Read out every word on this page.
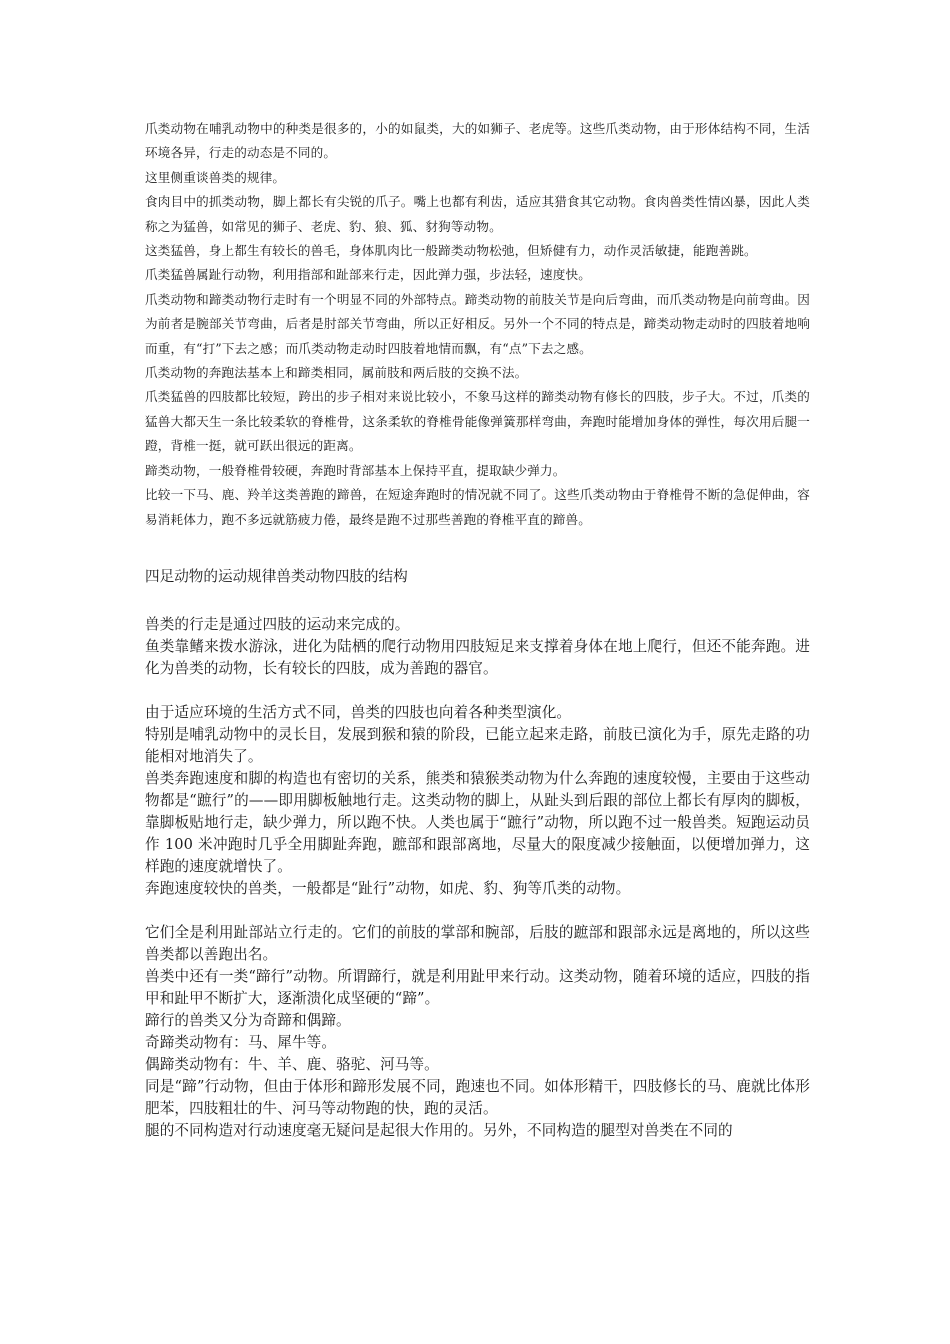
爪类动物在哺乳动物中的种类是很多的，小的如鼠类，大的如狮子、老虎等。这些爪类动物，由于形体结构不同，生活环境各异，行走的动态是不同的。

这里侧重谈兽类的规律。

食肉目中的抓类动物，脚上都长有尖锐的爪子。嘴上也都有利齿，适应其猎食其它动物。食肉兽类性情凶暴，因此人类称之为猛兽，如常见的狮子、老虎、豹、狼、狐、豺狗等动物。

这类猛兽，身上都生有较长的兽毛，身体肌肉比一般蹄类动物松弛，但矫健有力，动作灵活敏捷，能跑善跳。

爪类猛兽属趾行动物，利用指部和趾部来行走，因此弹力强，步法轻，速度快。

爪类动物和蹄类动物行走时有一个明显不同的外部特点。蹄类动物的前肢关节是向后弯曲，而爪类动物是向前弯曲。因为前者是腕部关节弯曲，后者是肘部关节弯曲，所以正好相反。另外一个不同的特点是，蹄类动物走动时的四肢着地响而重，有“打”下去之感；而爪类动物走动时四肢着地情而飘，有“点”下去之感。

爪类动物的奔跑法基本上和蹄类相同，属前肢和两后肢的交换不法。

爪类猛兽的四肢都比较短，跨出的步子相对来说比较小，不象马这样的蹄类动物有修长的四肢，步子大。不过，爪类的猛兽大都天生一条比较柔软的脊椎骨，这条柔软的脊椎骨能像弹簧那样弯曲，奔跑时能增加身体的弹性，每次用后腿一蹬，背椎一挺，就可跃出很远的距离。

蹄类动物，一般脊椎骨较硬，奔跑时背部基本上保持平直，提取缺少弹力。

比较一下马、鹿、羚羊这类善跑的蹄兽，在短途奔跑时的情况就不同了。这些爪类动物由于脊椎骨不断的急促伸曲，容易消耗体力，跑不多远就筋疲力倦，最终是跑不过那些善跑的脊椎平直的蹄兽。

四足动物的运动规律兽类动物四肢的结构

兽类的行走是通过四肢的运动来完成的。

鱼类靠鳍来拨水游泳，进化为陆栖的爬行动物用四肢短足来支撑着身体在地上爬行，但还不能奔跑。进化为兽类的动物，长有较长的四肢，成为善跑的器官。

由于适应环境的生活方式不同，兽类的四肢也向着各种类型演化。

特别是哺乳动物中的灵长目，发展到猴和猿的阶段，已能立起来走路，前肢已演化为手，原先走路的功能相对地消失了。

兽类奔跑速度和脚的构造也有密切的关系，熊类和猿猴类动物为什么奔跑的速度较慢，主要由于这些动物都是“蹠行”的——即用脚板触地行走。这类动物的脚上，从趾头到后跟的部位上都长有厚肉的脚板，靠脚板贴地行走，缺少弹力，所以跑不快。人类也属于“蹠行”动物，所以跑不过一般兽类。短跑运动员作 100 米冲跑时几乎全用脚趾奔跑，蹠部和跟部离地，尽量大的限度减少接触面，以便增加弹力，这样跑的速度就增快了。

奔跑速度较快的兽类，一般都是“趾行”动物，如虎、豹、狗等爪类的动物。

它们全是利用趾部站立行走的。它们的前肢的掌部和腕部，后肢的蹠部和跟部永远是离地的，所以这些兽类都以善跑出名。

兽类中还有一类“蹄行”动物。所谓蹄行，就是利用趾甲来行动。这类动物，随着环境的适应，四肢的指甲和趾甲不断扩大，逐渐溃化成坚硬的“蹄”。

蹄行的兽类又分为奇蹄和偶蹄。

奇蹄类动物有：马、犀牛等。

偶蹄类动物有：牛、羊、鹿、骆驼、河马等。

同是“蹄”行动物，但由于体形和蹄形发展不同，跑速也不同。如体形精干，四肢修长的马、鹿就比体形肥苯，四肢粗壮的牛、河马等动物跑的快，跑的灵活。

腿的不同构造对行动速度毫无疑问是起很大作用的。另外，不同构造的腿型对兽类在不同的
